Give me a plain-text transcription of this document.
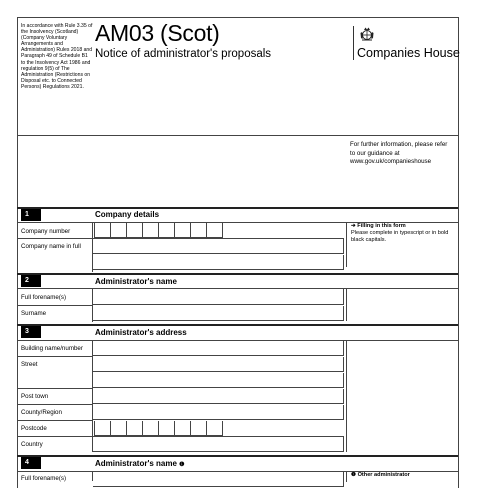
In accordance with Rule 3.35 of the Insolvency (Scotland) (Company Voluntary Arrangements and Administration) Rules 2018 and Paragraph 49 of Schedule B1 to the Insolvency Act 1986 and regulation 9(5) of The Administration (Restrictions on Disposal etc. to Connected Persons) Regulations 2021.
AM03 (Scot)
Notice of administrator's proposals	Companies House
For further information, please refer to our guidance at www.gov.uk/companieshouse
1	Company details
Company number
Company name in full
➔ Filling in this form
Please complete in typescript or in bold black capitals.
2	Administrator's name
Full forename(s)
Surname
3	Administrator's address
Building name/number
Street
Post town
County/Region
Postcode
Country
4	Administrator's name ❶
Full forename(s)	❶ Other administrator
